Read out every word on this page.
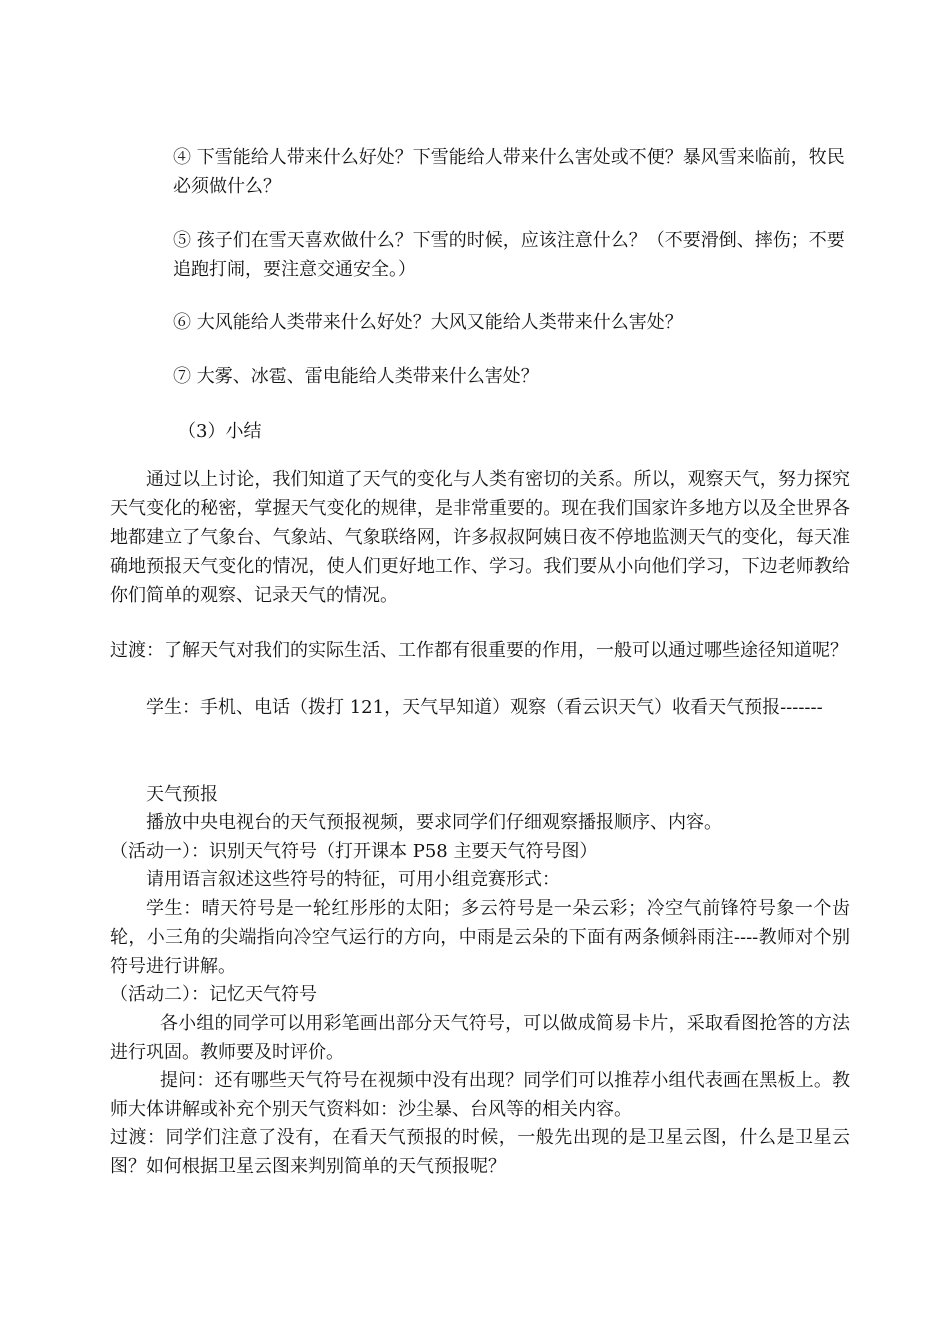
④ 下雪能给人带来什么好处？下雪能给人带来什么害处或不便？暴风雪来临前，牧民必须做什么？

⑤ 孩子们在雪天喜欢做什么？下雪的时候，应该注意什么？（不要滑倒、摔伤；不要追跑打闹，要注意交通安全。）

⑥ 大风能给人类带来什么好处？大风又能给人类带来什么害处？

⑦ 大雾、冰雹、雷电能给人类带来什么害处？

（3）小结

通过以上讨论，我们知道了天气的变化与人类有密切的关系。所以，观察天气，努力探究天气变化的秘密，掌握天气变化的规律，是非常重要的。现在我们国家许多地方以及全世界各地都建立了气象台、气象站、气象联络网，许多叔叔阿姨日夜不停地监测天气的变化，每天准确地预报天气变化的情况，使人们更好地工作、学习。我们要从小向他们学习，下边老师教给你们简单的观察、记录天气的情况。

过渡：了解天气对我们的实际生活、工作都有很重要的作用，一般可以通过哪些途径知道呢？

学生：手机、电话（拨打 121，天气早知道）观察（看云识天气）收看天气预报-------

天气预报

播放中央电视台的天气预报视频，要求同学们仔细观察播报顺序、内容。

（活动一）：识别天气符号（打开课本 P58 主要天气符号图）

请用语言叙述这些符号的特征，可用小组竞赛形式：

学生：晴天符号是一轮红彤彤的太阳；多云符号是一朵云彩；冷空气前锋符号象一个齿轮，小三角的尖端指向冷空气运行的方向，中雨是云朵的下面有两条倾斜雨注----教师对个别符号进行讲解。

（活动二）：记忆天气符号

各小组的同学可以用彩笔画出部分天气符号，可以做成简易卡片，采取看图抢答的方法进行巩固。教师要及时评价。

提问：还有哪些天气符号在视频中没有出现？同学们可以推荐小组代表画在黑板上。教师大体讲解或补充个别天气资料如：沙尘暴、台风等的相关内容。

过渡：同学们注意了没有，在看天气预报的时候，一般先出现的是卫星云图，什么是卫星云图？如何根据卫星云图来判别简单的天气预报呢？
